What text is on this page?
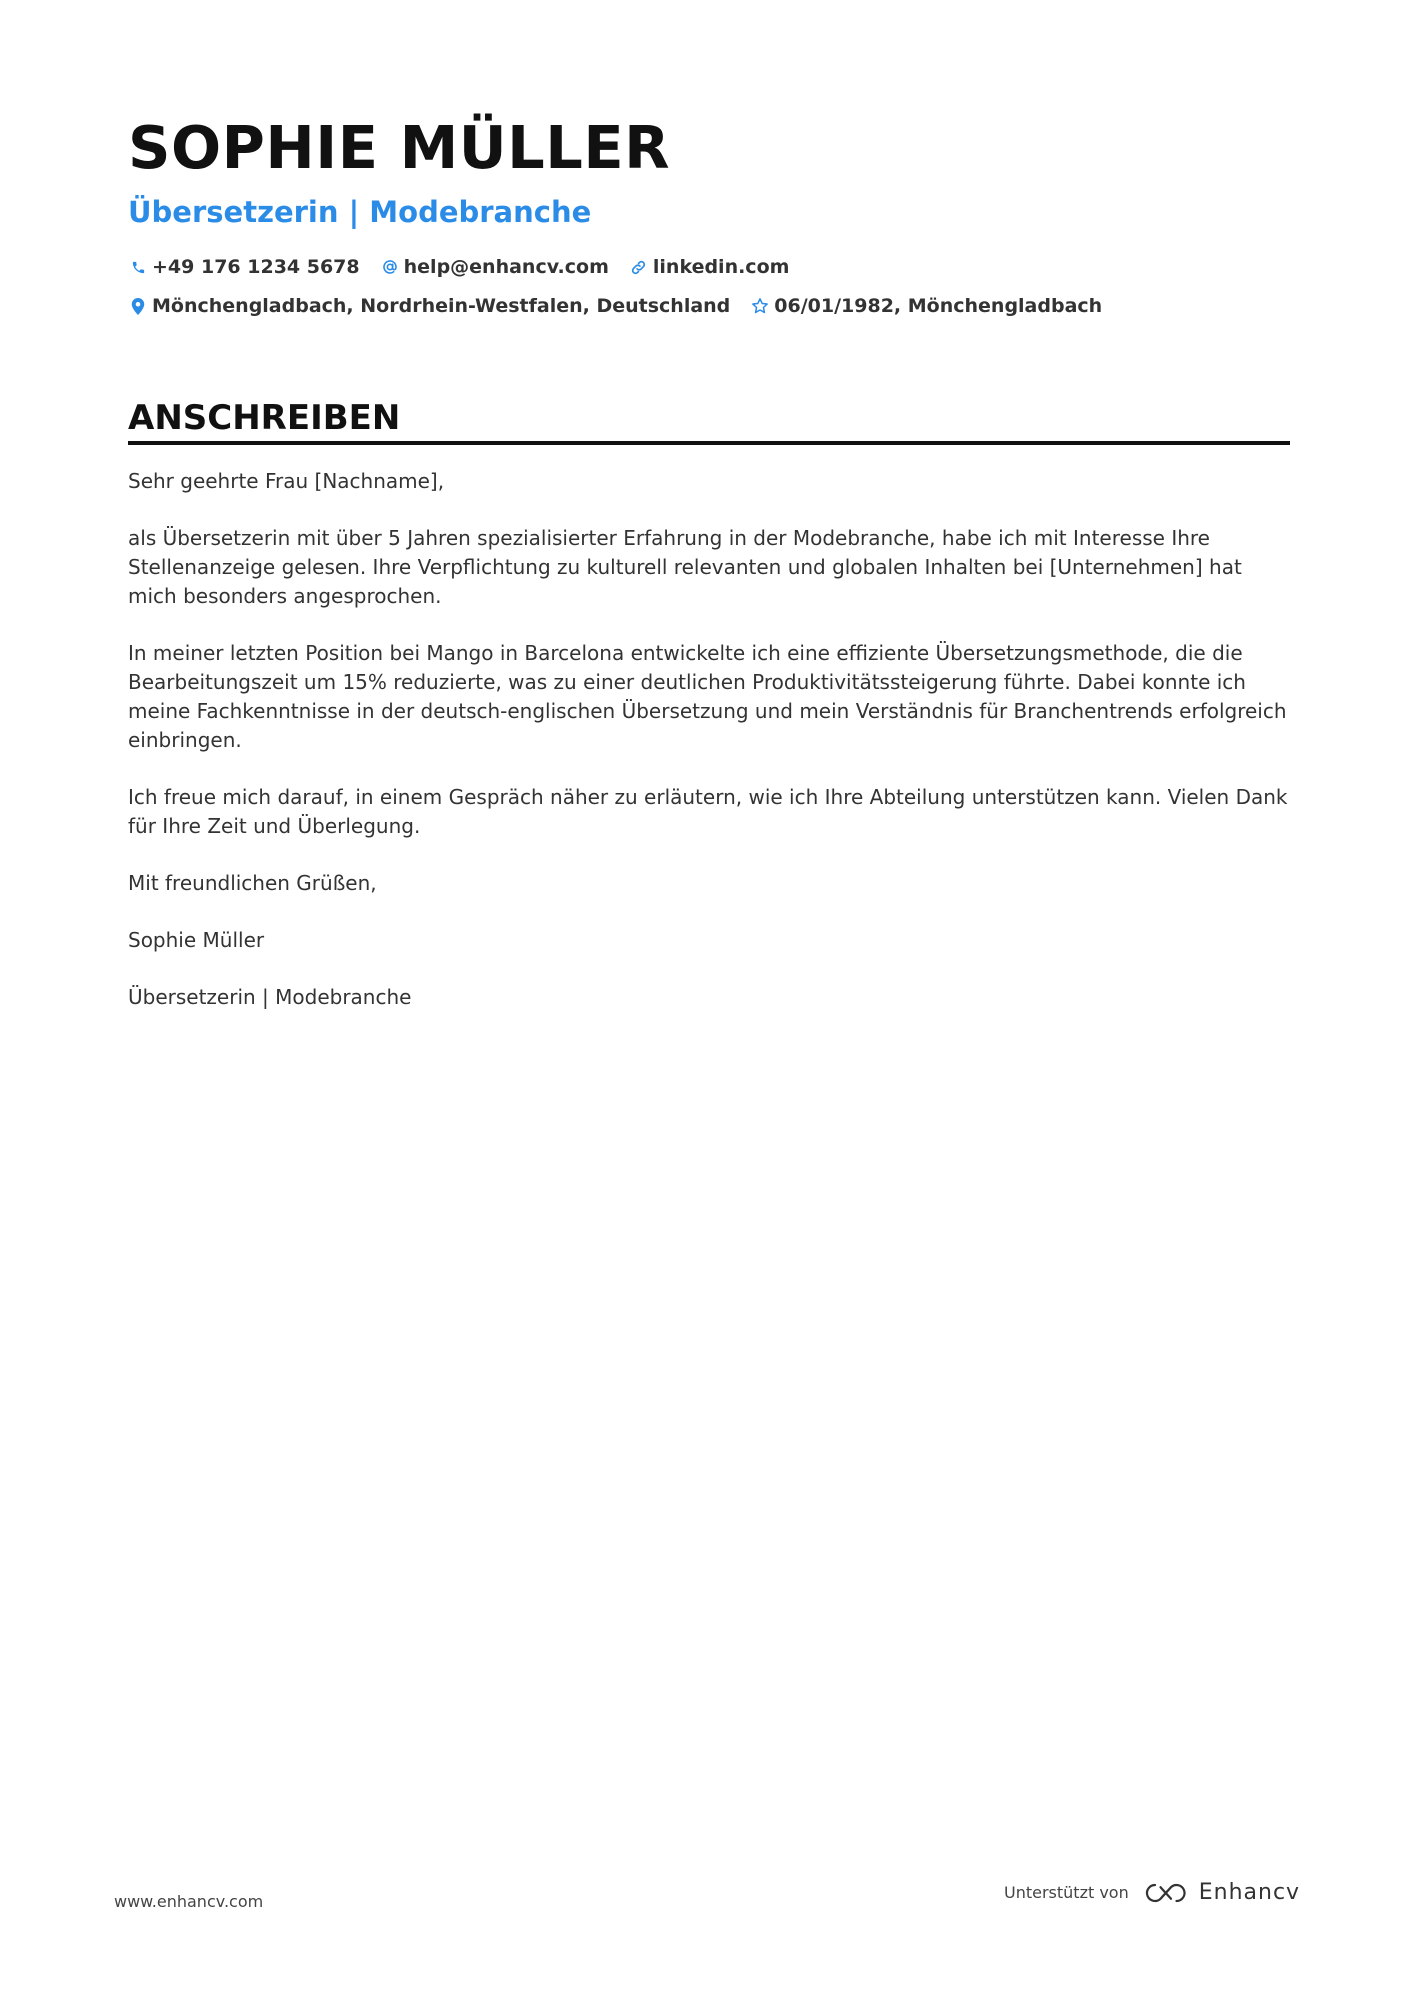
SOPHIE MÜLLER
Übersetzerin | Modebranche
+49 176 1234 5678 help@enhancv.com linkedin.com
Mönchengladbach, Nordrhein-Westfalen, Deutschland 06/01/1982, Mönchengladbach
ANSCHREIBEN

Sehr geehrte Frau [Nachname],

als Übersetzerin mit über 5 Jahren spezialisierter Erfahrung in der Modebranche, habe ich mit Interesse Ihre Stellenanzeige gelesen. Ihre Verpflichtung zu kulturell relevanten und globalen Inhalten bei [Unternehmen] hat mich besonders angesprochen.

In meiner letzten Position bei Mango in Barcelona entwickelte ich eine effiziente Übersetzungsmethode, die die Bearbeitungszeit um 15% reduzierte, was zu einer deutlichen Produktivitätssteigerung führte. Dabei konnte ich meine Fachkenntnisse in der deutsch-englischen Übersetzung und mein Verständnis für Branchentrends erfolgreich einbringen.

Ich freue mich darauf, in einem Gespräch näher zu erläutern, wie ich Ihre Abteilung unterstützen kann. Vielen Dank für Ihre Zeit und Überlegung.

Mit freundlichen Grüßen,

Sophie Müller

Übersetzerin | Modebranche

www.enhancv.com	Unterstützt von	Enhancv
